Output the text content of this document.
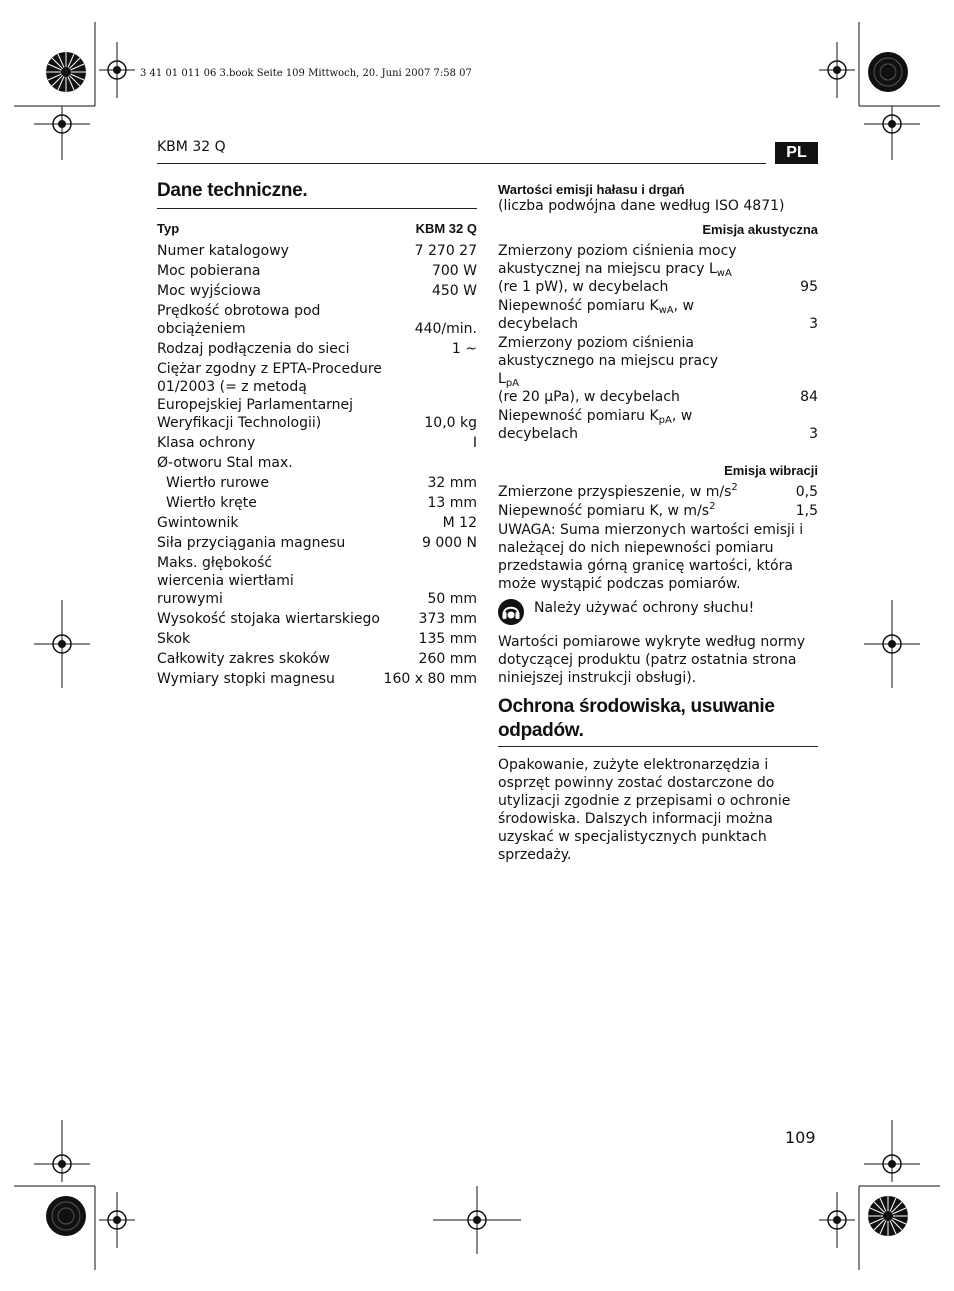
3 41 01 011 06 3.book Seite 109 Mittwoch, 20. Juni 2007 7:58 07
KBM 32 Q	PL
Dane techniczne.
Typ	KBM 32 Q
Numer katalogowy	7 270 27
Moc pobierana	700 W
Moc wyjściowa	450 W
Prędkość obrotowa pod obciążeniem	440/min.
Rodzaj podłączenia do sieci	1 ~
Ciężar zgodny z EPTA-Procedure 01/2003 (= z metodą Europejskiej Parlamentarnej Weryfikacji Technologii)	10,0 kg
Klasa ochrony	I
Ø-otworu Stal max.
Wiertło rurowe	32 mm
Wiertło kręte	13 mm
Gwintownik	M 12
Siła przyciągania magnesu	9 000 N
Maks. głębokość wiercenia wiertłami rurowymi	50 mm
Wysokość stojaka wiertarskiego	373 mm
Skok	135 mm
Całkowity zakres skoków	260 mm
Wymiary stopki magnesu	160 x 80 mm
Wartości emisji hałasu i drgań
(liczba podwójna dane według ISO 4871)
Emisja akustyczna
Zmierzony poziom ciśnienia mocy akustycznej na miejscu pracy $L_{wA}$
(re 1 pW), w decybelach	95
Niepewność pomiaru $K_{wA}$, w decybelach	3
Zmierzony poziom ciśnienia akustycznego na miejscu pracy $L_{pA}$
(re 20 μPa), w decybelach	84
Niepewność pomiaru $K_{pA}$, w decybelach	3
Emisja wibracji
Zmierzone przyspieszenie, w $m/s^2$	0,5
Niepewność pomiaru K, w $m/s^2$	1,5
UWAGA: Suma mierzonych wartości emisji i należącej do nich niepewności pomiaru przedstawia górną granicę wartości, która może wystąpić podczas pomiarów.
Należy używać ochrony słuchu!
Wartości pomiarowe wykryte według normy dotyczącej produktu (patrz ostatnia strona niniejszej instrukcji obsługi).
Ochrona środowiska, usuwanie odpadów.
Opakowanie, zużyte elektronarzędzia i osprzęt powinny zostać dostarczone do utylizacji zgodnie z przepisami o ochronie środowiska. Dalszych informacji można uzyskać w specjalistycznych punktach sprzedaży.
109
